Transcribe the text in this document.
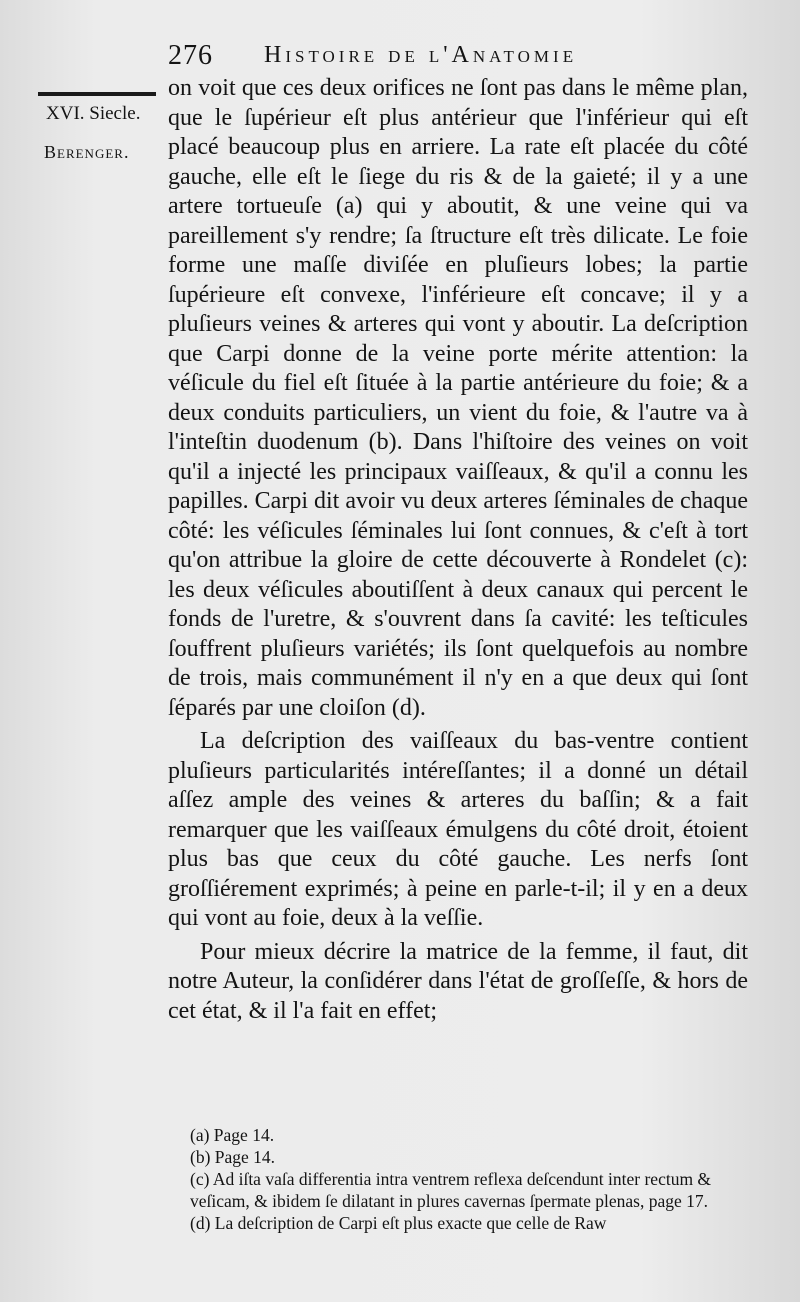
276 Histoire de l'Anatomie
XVI. Siecle.
Berenger.

on voit que ces deux orifices ne ſont pas dans le même plan, que le ſupérieur eſt plus antérieur que l'inférieur qui eſt placé beaucoup plus en arriere. La rate eſt placée du côté gauche, elle eſt le ſiege du ris & de la gaieté; il y a une artere tortueuſe (a) qui y aboutit, & une veine qui va pareillement s'y rendre; ſa ſtructure eſt très dilicate. Le foie forme une maſſe diviſée en pluſieurs lobes; la partie ſupérieure eſt convexe, l'inférieure eſt concave; il y a pluſieurs veines & arteres qui vont y aboutir. La deſcription que Carpi donne de la veine porte mérite attention: la véſicule du fiel eſt ſituée à la partie antérieure du foie; & a deux conduits particuliers, un vient du foie, & l'autre va à l'inteſtin duodenum (b). Dans l'hiſtoire des veines on voit qu'il a injecté les principaux vaiſſeaux, & qu'il a connu les papilles. Carpi dit avoir vu deux arteres ſéminales de chaque côté: les véſicules ſéminales lui ſont connues, & c'eſt à tort qu'on attribue la gloire de cette découverte à Rondelet (c): les deux véſicules aboutiſſent à deux canaux qui percent le fonds de l'uretre, & s'ouvrent dans ſa cavité: les teſticules ſouffrent pluſieurs variétés; ils ſont quelquefois au nombre de trois, mais communément il n'y en a que deux qui ſont ſéparés par une cloiſon (d).

La deſcription des vaiſſeaux du bas-ventre contient pluſieurs particularités intéreſſantes; il a donné un détail aſſez ample des veines & arteres du baſſin; & a fait remarquer que les vaiſſeaux émulgens du côté droit, étoient plus bas que ceux du côté gauche. Les nerfs ſont groſſiérement exprimés; à peine en parle-t-il; il y en a deux qui vont au foie, deux à la veſſie.

Pour mieux décrire la matrice de la femme, il faut, dit notre Auteur, la conſidérer dans l'état de groſſeſſe, & hors de cet état, & il l'a fait en effet;

(a) Page 14.

(b) Page 14.

(c) Ad iſta vaſa differentia intra ventrem reflexa deſcendunt inter rectum & veſicam, & ibidem ſe dilatant in plures cavernas ſpermate plenas, page 17.

(d) La deſcription de Carpi eſt plus exacte que celle de Raw
